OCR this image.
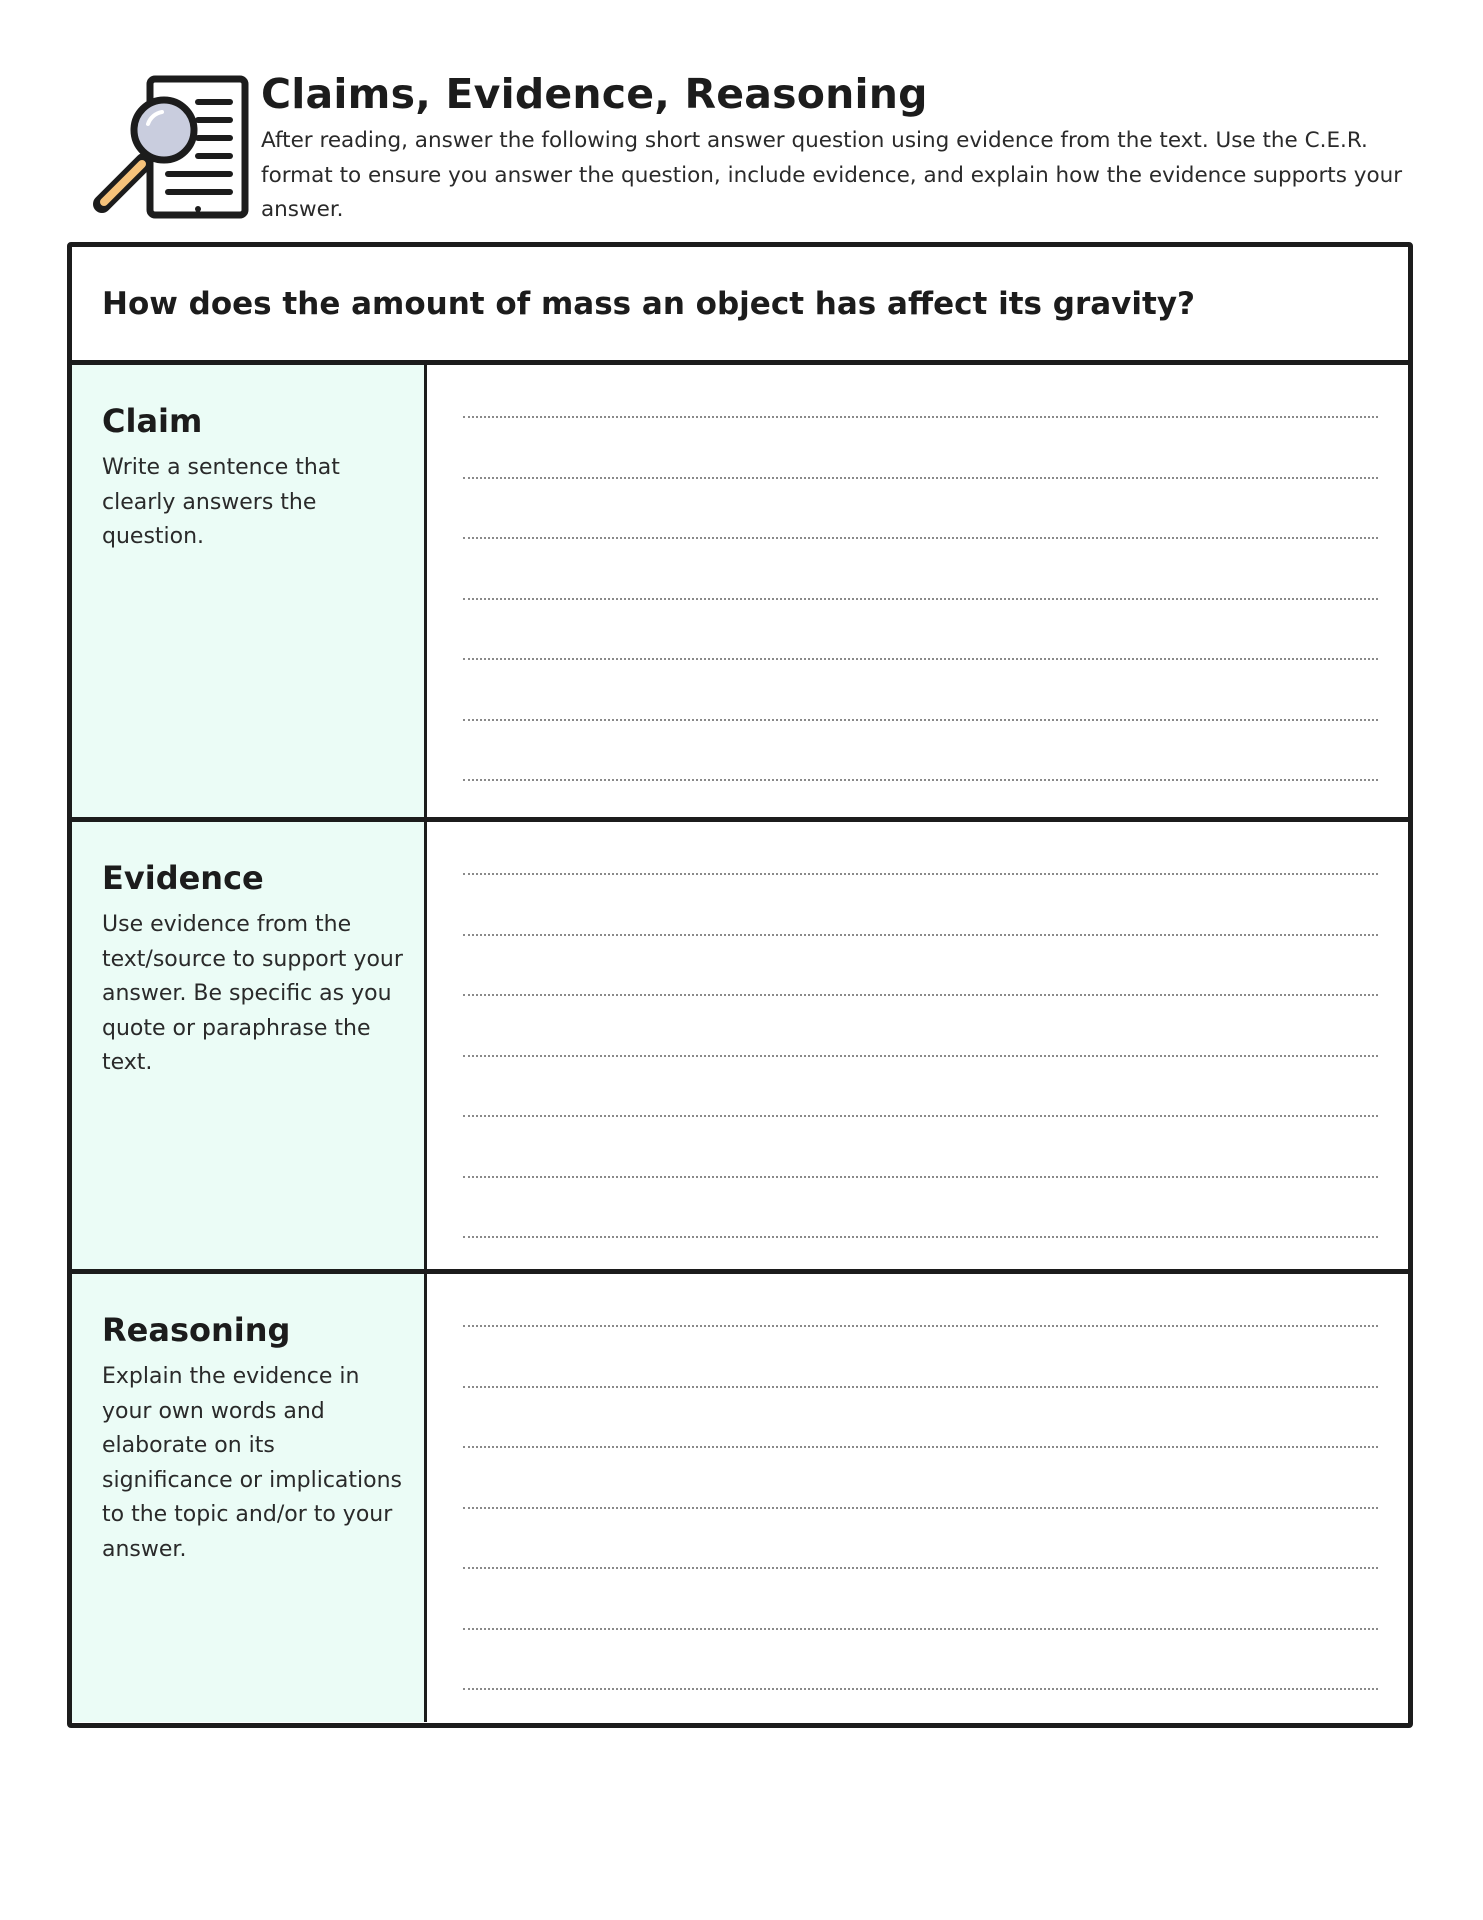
Claims, Evidence, Reasoning

After reading, answer the following short answer question using evidence from the text. Use the C.E.R. format to ensure you answer the question, include evidence, and explain how the evidence supports your answer.

How does the amount of mass an object has affect its gravity?

Claim

Write a sentence that clearly answers the question.

Evidence

Use evidence from the text/source to support your answer. Be specific as you quote or paraphrase the text.

Reasoning

Explain the evidence in your own words and elaborate on its significance or implications to the topic and/or to your answer.
